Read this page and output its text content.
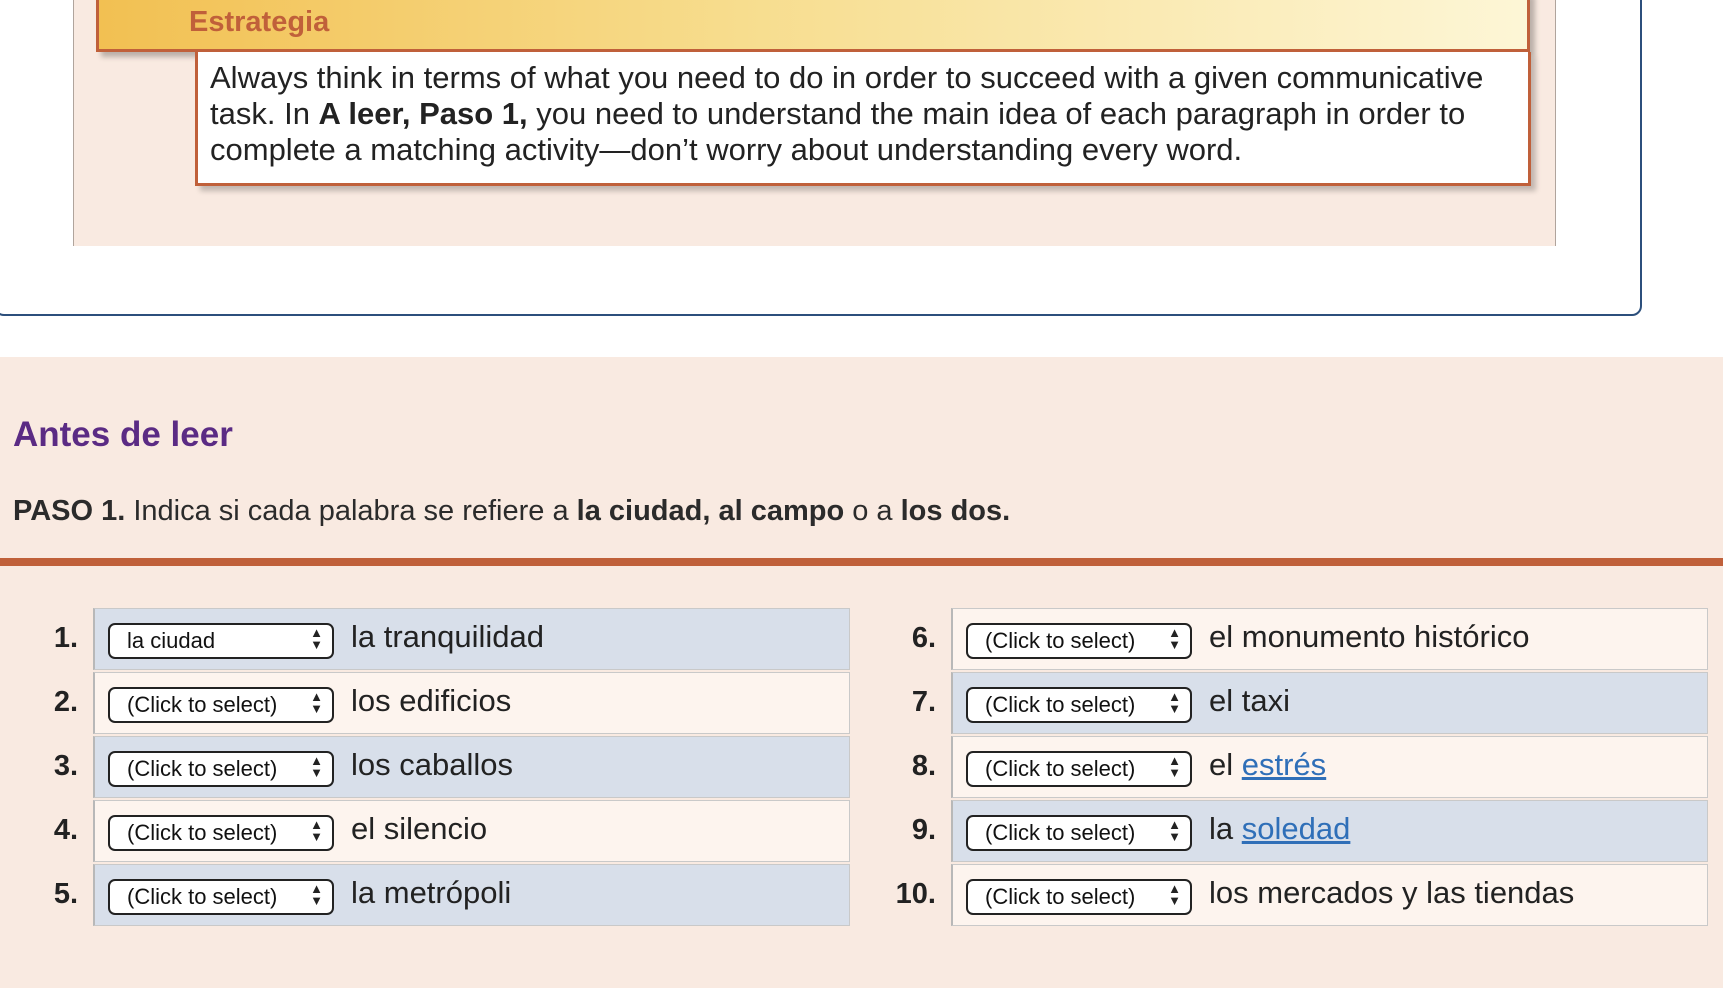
Estrategia
Always think in terms of what you need to do in order to succeed with a given communicative task. In A leer, Paso 1, you need to understand the main idea of each paragraph in order to complete a matching activity—don’t worry about understanding every word.
Antes de leer
PASO 1. Indica si cada palabra se refiere a la ciudad, al campo o a los dos.
1.	la ciudad	▲
▼ la tranquilidad
2.	(Click to select)	▲
▼ los edificios
3.	(Click to select)	▲
▼ los caballos
4.	(Click to select)	▲
▼ el silencio
5.	(Click to select)	▲
▼ la metrópoli
6.	(Click to select)	▲
▼ el monumento histórico
7.	(Click to select)	▲
▼ el taxi
8.	(Click to select)	▲
▼ el estrés
9.	(Click to select)	▲
▼ la soledad
10.	(Click to select)	▲
▼ los mercados y las tiendas
